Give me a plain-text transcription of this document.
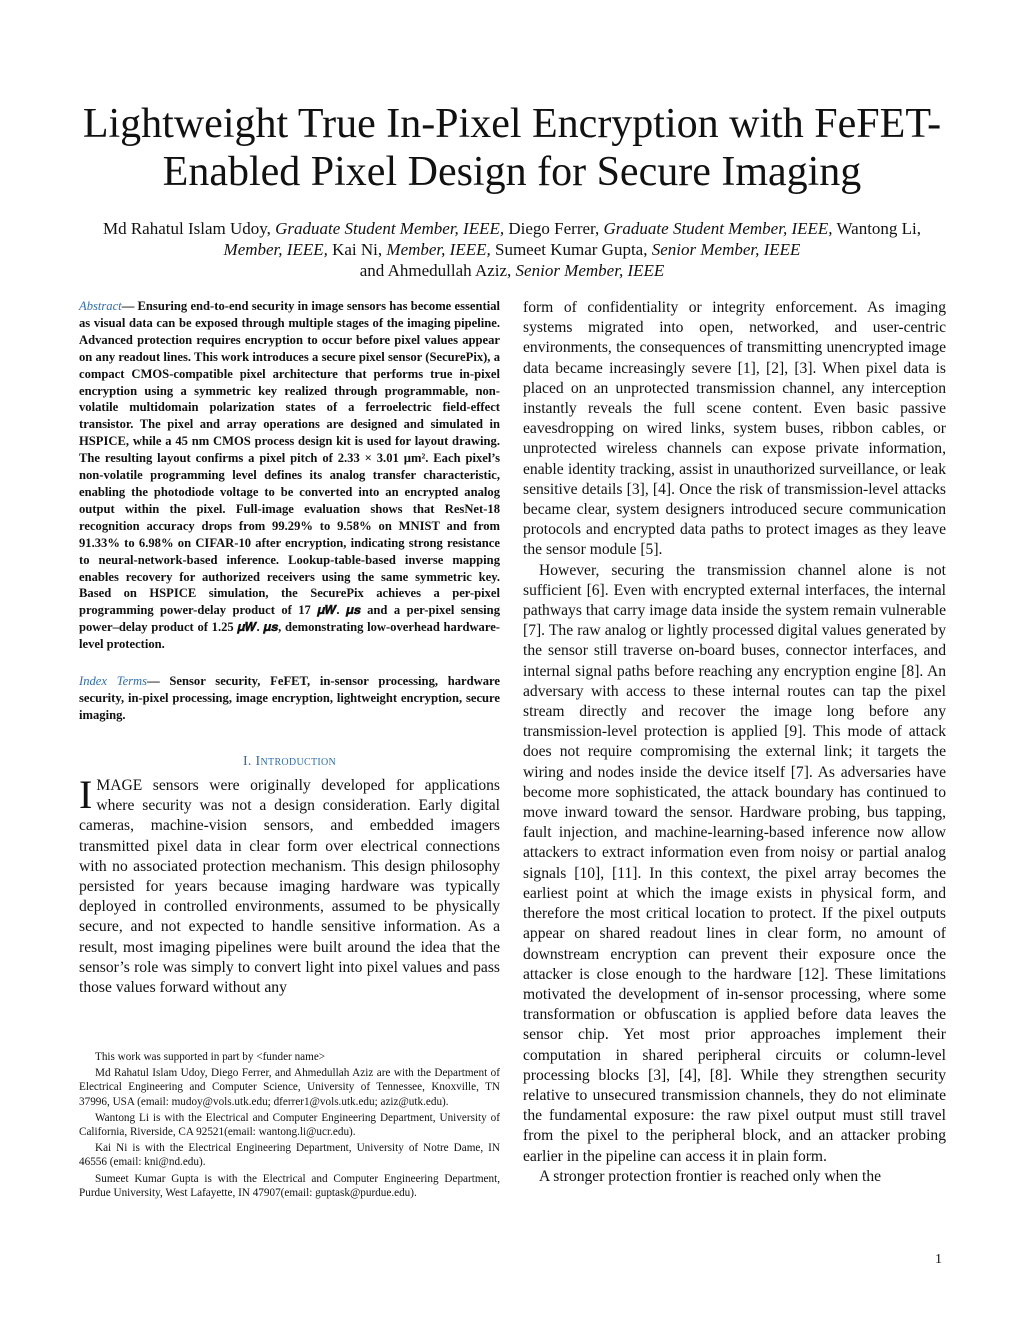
Lightweight True In-Pixel Encryption with FeFET-Enabled Pixel Design for Secure Imaging
Md Rahatul Islam Udoy, Graduate Student Member, IEEE, Diego Ferrer, Graduate Student Member, IEEE, Wantong Li, Member, IEEE, Kai Ni, Member, IEEE, Sumeet Kumar Gupta, Senior Member, IEEE
and Ahmedullah Aziz, Senior Member, IEEE

Abstract— Ensuring end-to-end security in image sensors has become essential as visual data can be exposed through multiple stages of the imaging pipeline. Advanced protection requires encryption to occur before pixel values appear on any readout lines. This work introduces a secure pixel sensor (SecurePix), a compact CMOS-compatible pixel architecture that performs true in-pixel encryption using a symmetric key realized through programmable, non-volatile multidomain polarization states of a ferroelectric field-effect transistor. The pixel and array operations are designed and simulated in HSPICE, while a 45 nm CMOS process design kit is used for layout drawing. The resulting layout confirms a pixel pitch of 2.33 × 3.01 µm². Each pixel’s non-volatile programming level defines its analog transfer characteristic, enabling the photodiode voltage to be converted into an encrypted analog output within the pixel. Full-image evaluation shows that ResNet-18 recognition accuracy drops from 99.29% to 9.58% on MNIST and from 91.33% to 6.98% on CIFAR-10 after encryption, indicating strong resistance to neural-network-based inference. Lookup-table-based inverse mapping enables recovery for authorized receivers using the same symmetric key. Based on HSPICE simulation, the SecurePix achieves a per-pixel programming power-delay product of 17 𝝁𝑾. 𝝁𝒔 and a per-pixel sensing power–delay product of 1.25 𝝁𝑾. 𝝁𝒔, demonstrating low-overhead hardware-level protection.

Index Terms— Sensor security, FeFET, in-sensor processing, hardware security, in-pixel processing, image encryption, lightweight encryption, secure imaging.

I. Introduction

IMAGE sensors were originally developed for applications where security was not a design consideration. Early digital cameras, machine-vision sensors, and embedded imagers transmitted pixel data in clear form over electrical connections with no associated protection mechanism. This design philosophy persisted for years because imaging hardware was typically deployed in controlled environments, assumed to be physically secure, and not expected to handle sensitive information. As a result, most imaging pipelines were built around the idea that the sensor’s role was simply to convert light into pixel values and pass those values forward without any

This work was supported in part by <funder name>

Md Rahatul Islam Udoy, Diego Ferrer, and Ahmedullah Aziz are with the Department of Electrical Engineering and Computer Science, University of Tennessee, Knoxville, TN 37996, USA (email: mudoy@vols.utk.edu; dferrer1@vols.utk.edu; aziz@utk.edu).

Wantong Li is with the Electrical and Computer Engineering Department, University of California, Riverside, CA 92521(email: wantong.li@ucr.edu).

Kai Ni is with the Electrical Engineering Department, University of Notre Dame, IN 46556 (email: kni@nd.edu).

Sumeet Kumar Gupta is with the Electrical and Computer Engineering Department, Purdue University, West Lafayette, IN 47907(email: guptask@purdue.edu).

form of confidentiality or integrity enforcement. As imaging systems migrated into open, networked, and user-centric environments, the consequences of transmitting unencrypted image data became increasingly severe [1], [2], [3]. When pixel data is placed on an unprotected transmission channel, any interception instantly reveals the full scene content. Even basic passive eavesdropping on wired links, system buses, ribbon cables, or unprotected wireless channels can expose private information, enable identity tracking, assist in unauthorized surveillance, or leak sensitive details [3], [4]. Once the risk of transmission-level attacks became clear, system designers introduced secure communication protocols and encrypted data paths to protect images as they leave the sensor module [5].

However, securing the transmission channel alone is not sufficient [6]. Even with encrypted external interfaces, the internal pathways that carry image data inside the system remain vulnerable [7]. The raw analog or lightly processed digital values generated by the sensor still traverse on-board buses, connector interfaces, and internal signal paths before reaching any encryption engine [8]. An adversary with access to these internal routes can tap the pixel stream directly and recover the image long before any transmission-level protection is applied [9]. This mode of attack does not require compromising the external link; it targets the wiring and nodes inside the device itself [7]. As adversaries have become more sophisticated, the attack boundary has continued to move inward toward the sensor. Hardware probing, bus tapping, fault injection, and machine-learning-based inference now allow attackers to extract information even from noisy or partial analog signals [10], [11]. In this context, the pixel array becomes the earliest point at which the image exists in physical form, and therefore the most critical location to protect. If the pixel outputs appear on shared readout lines in clear form, no amount of downstream encryption can prevent their exposure once the attacker is close enough to the hardware [12]. These limitations motivated the development of in-sensor processing, where some transformation or obfuscation is applied before data leaves the sensor chip. Yet most prior approaches implement their computation in shared peripheral circuits or column-level processing blocks [3], [4], [8]. While they strengthen security relative to unsecured transmission channels, they do not eliminate the fundamental exposure: the raw pixel output must still travel from the pixel to the peripheral block, and an attacker probing earlier in the pipeline can access it in plain form.

A stronger protection frontier is reached only when the

1
